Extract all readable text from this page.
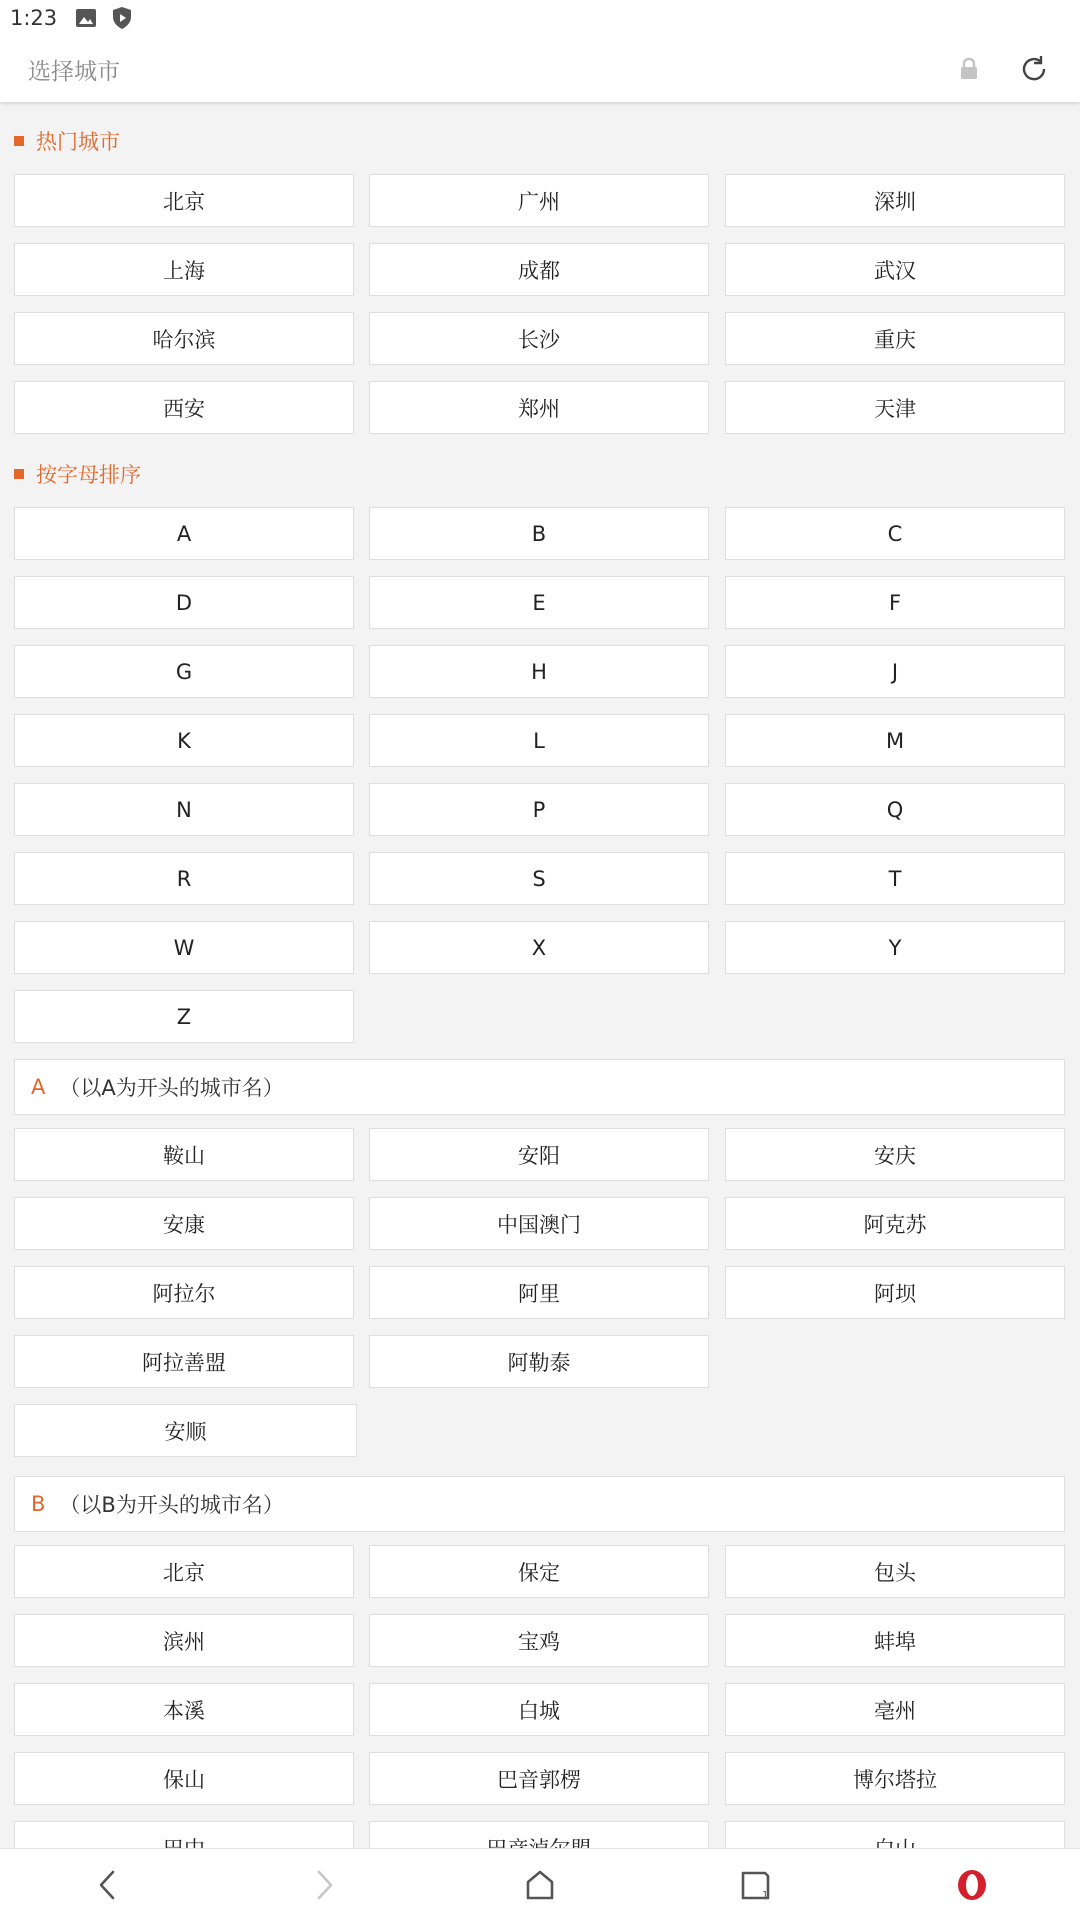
1:23
选择城市
热门城市
北京	广州	深圳
上海	成都	武汉
哈尔滨	长沙	重庆
西安	郑州	天津
按字母排序
A	B	C
D	E	F
G	H	J
K	L	M
N	P	Q
R	S	T
W	X	Y
Z
A （以A为开头的城市名）
鞍山	安阳	安庆
安康	中国澳门	阿克苏
阿拉尔	阿里	阿坝
阿拉善盟	阿勒泰
安顺
B （以B为开头的城市名）
北京	保定	包头
滨州	宝鸡	蚌埠
本溪	白城	亳州
保山	巴音郭楞	博尔塔拉
1
